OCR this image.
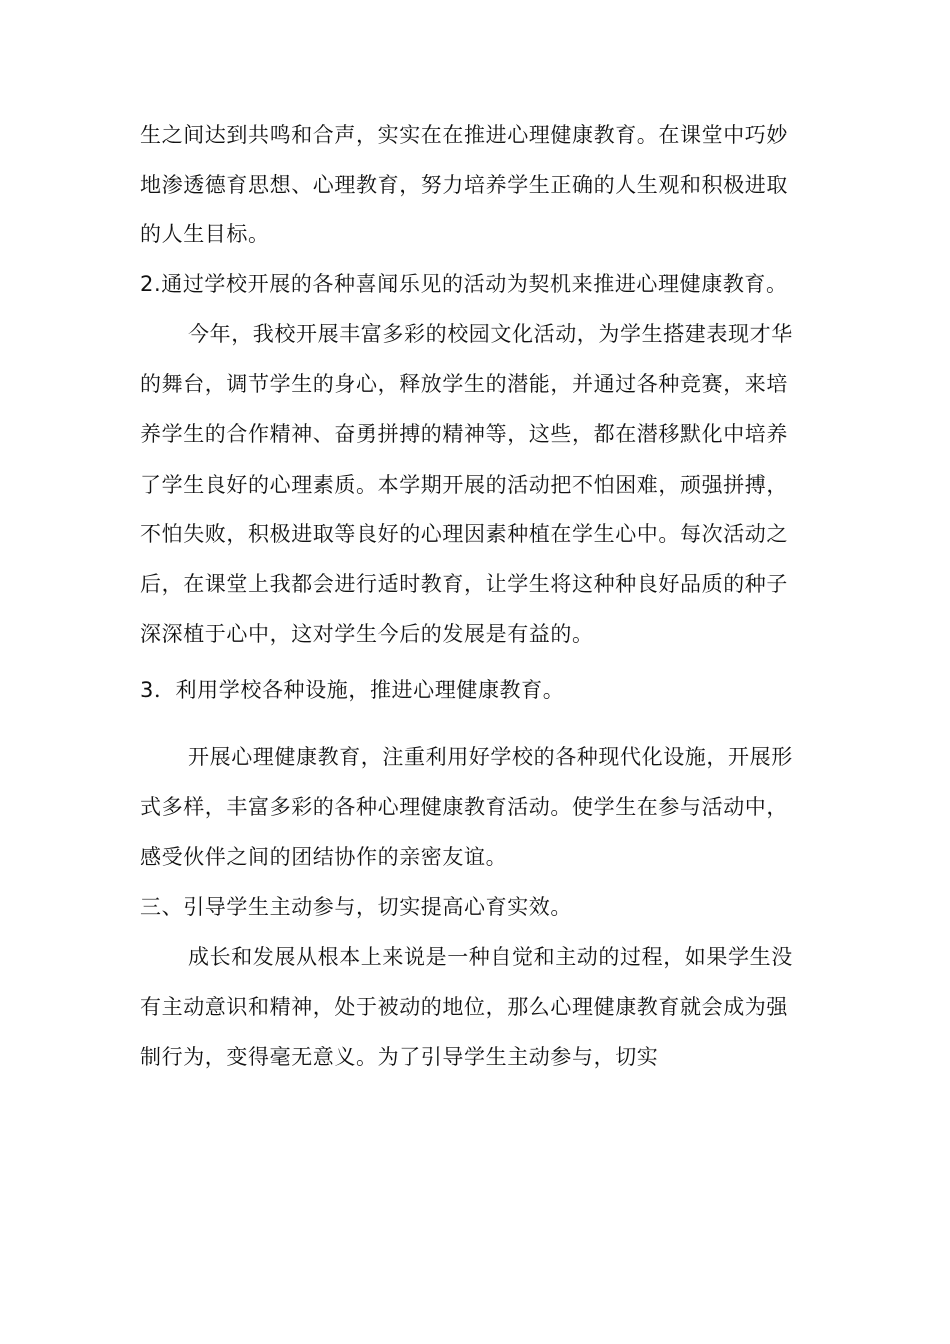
生之间达到共鸣和合声，实实在在推进心理健康教育。在课堂中巧妙
地渗透德育思想、心理教育，努力培养学生正确的人生观和积极进取
的人生目标。
2.通过学校开展的各种喜闻乐见的活动为契机来推进心理健康教育。
今年，我校开展丰富多彩的校园文化活动，为学生搭建表现才华
的舞台，调节学生的身心，释放学生的潜能，并通过各种竞赛，来培
养学生的合作精神、奋勇拼搏的精神等，这些，都在潜移默化中培养
了学生良好的心理素质。本学期开展的活动把不怕困难，顽强拼搏，
不怕失败，积极进取等良好的心理因素种植在学生心中。每次活动之
后，在课堂上我都会进行适时教育，让学生将这种种良好品质的种子
深深植于心中，这对学生今后的发展是有益的。
3．利用学校各种设施，推进心理健康教育。
开展心理健康教育，注重利用好学校的各种现代化设施，开展形
式多样，丰富多彩的各种心理健康教育活动。使学生在参与活动中，
感受伙伴之间的团结协作的亲密友谊。
三、引导学生主动参与，切实提高心育实效。
成长和发展从根本上来说是一种自觉和主动的过程，如果学生没
有主动意识和精神，处于被动的地位，那么心理健康教育就会成为强
制行为，变得毫无意义。为了引导学生主动参与，切实
